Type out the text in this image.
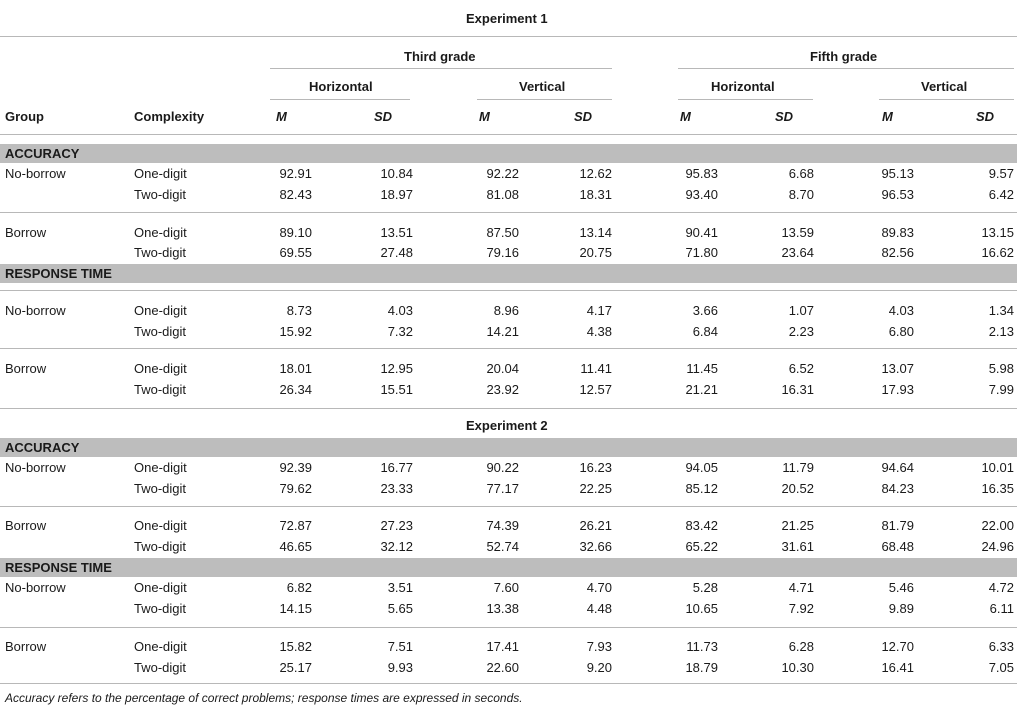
Experiment 1
Third grade	Fifth grade
Horizontal	Vertical	Horizontal	Vertical
Group	Complexity	M	SD	M	SD	M	SD	M	SD
Experiment 2
Accuracy refers to the percentage of correct problems; response times are expressed in seconds.
ACCURACY
No-borrow	One-digit	92.91	10.84	92.22	12.62	95.83	6.68	95.13	9.57
Two-digit	82.43	18.97	81.08	18.31	93.40	8.70	96.53	6.42
Borrow	One-digit	89.10	13.51	87.50	13.14	90.41	13.59	89.83	13.15
Two-digit	69.55	27.48	79.16	20.75	71.80	23.64	82.56	16.62
RESPONSE TIME
No-borrow	One-digit	8.73	4.03	8.96	4.17	3.66	1.07	4.03	1.34
Two-digit	15.92	7.32	14.21	4.38	6.84	2.23	6.80	2.13
Borrow	One-digit	18.01	12.95	20.04	11.41	11.45	6.52	13.07	5.98
Two-digit	26.34	15.51	23.92	12.57	21.21	16.31	17.93	7.99
ACCURACY
No-borrow	One-digit	92.39	16.77	90.22	16.23	94.05	11.79	94.64	10.01
Two-digit	79.62	23.33	77.17	22.25	85.12	20.52	84.23	16.35
Borrow	One-digit	72.87	27.23	74.39	26.21	83.42	21.25	81.79	22.00
Two-digit	46.65	32.12	52.74	32.66	65.22	31.61	68.48	24.96
RESPONSE TIME
No-borrow	One-digit	6.82	3.51	7.60	4.70	5.28	4.71	5.46	4.72
Two-digit	14.15	5.65	13.38	4.48	10.65	7.92	9.89	6.11
Borrow	One-digit	15.82	7.51	17.41	7.93	11.73	6.28	12.70	6.33
Two-digit	25.17	9.93	22.60	9.20	18.79	10.30	16.41	7.05
